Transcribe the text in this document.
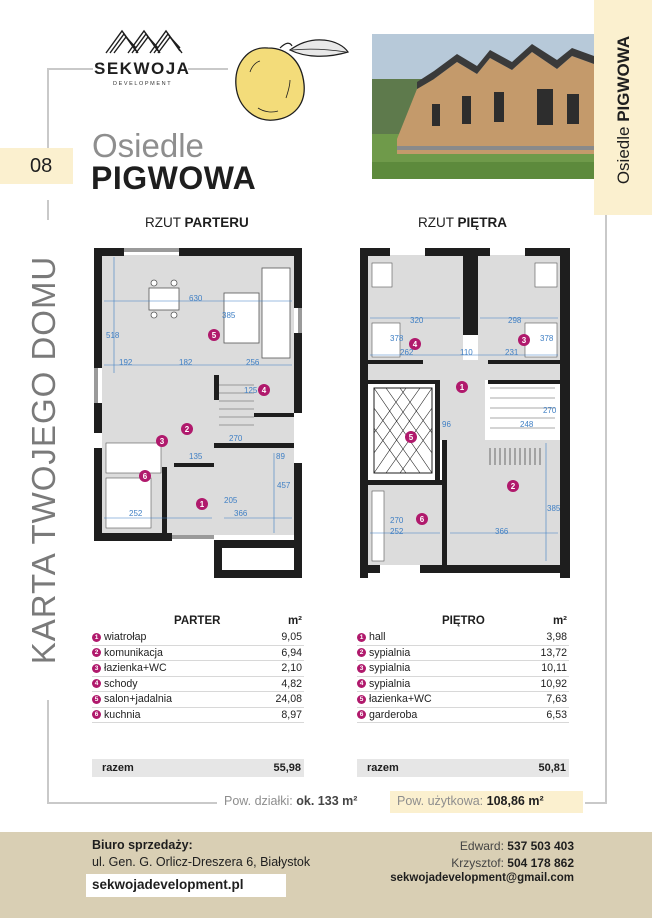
SEKWOJA
DEVELOPMENT
Osiedle PIGWOWA
08
Osiedle
PIGWOWA
KARTA TWOJEGO DOMU
RZUT PARTERU	RZUT PIĘTRA
630
385
192	182	256
518
125
270
135	89
457
205
366
252
5
4
2
3
6
1
320	298
378	378
262	110	231
385
270
252	366
96	248
270
1
2
3
4
5
6
PARTER	m²
1 wiatrołap	9,05
2 komunikacja	6,94
3 łazienka+WC	2,10
4 schody	4,82
5 salon+jadalnia	24,08
6 kuchnia	8,97
razem	55,98
PIĘTRO	m²
1 hall	3,98
2 sypialnia	13,72
3 sypialnia	10,11
4 sypialnia	10,92
5 łazienka+WC	7,63
6 garderoba	6,53
razem	50,81
Pow. działki: ok. 133 m²	Pow. użytkowa: 108,86 m²
Biuro sprzedaży:
ul. Gen. G. Orlicz-Dreszera 6, Białystok
sekwojadevelopment.pl
Edward: 537 503 403
Krzysztof: 504 178 862
sekwojadevelopment@gmail.com
